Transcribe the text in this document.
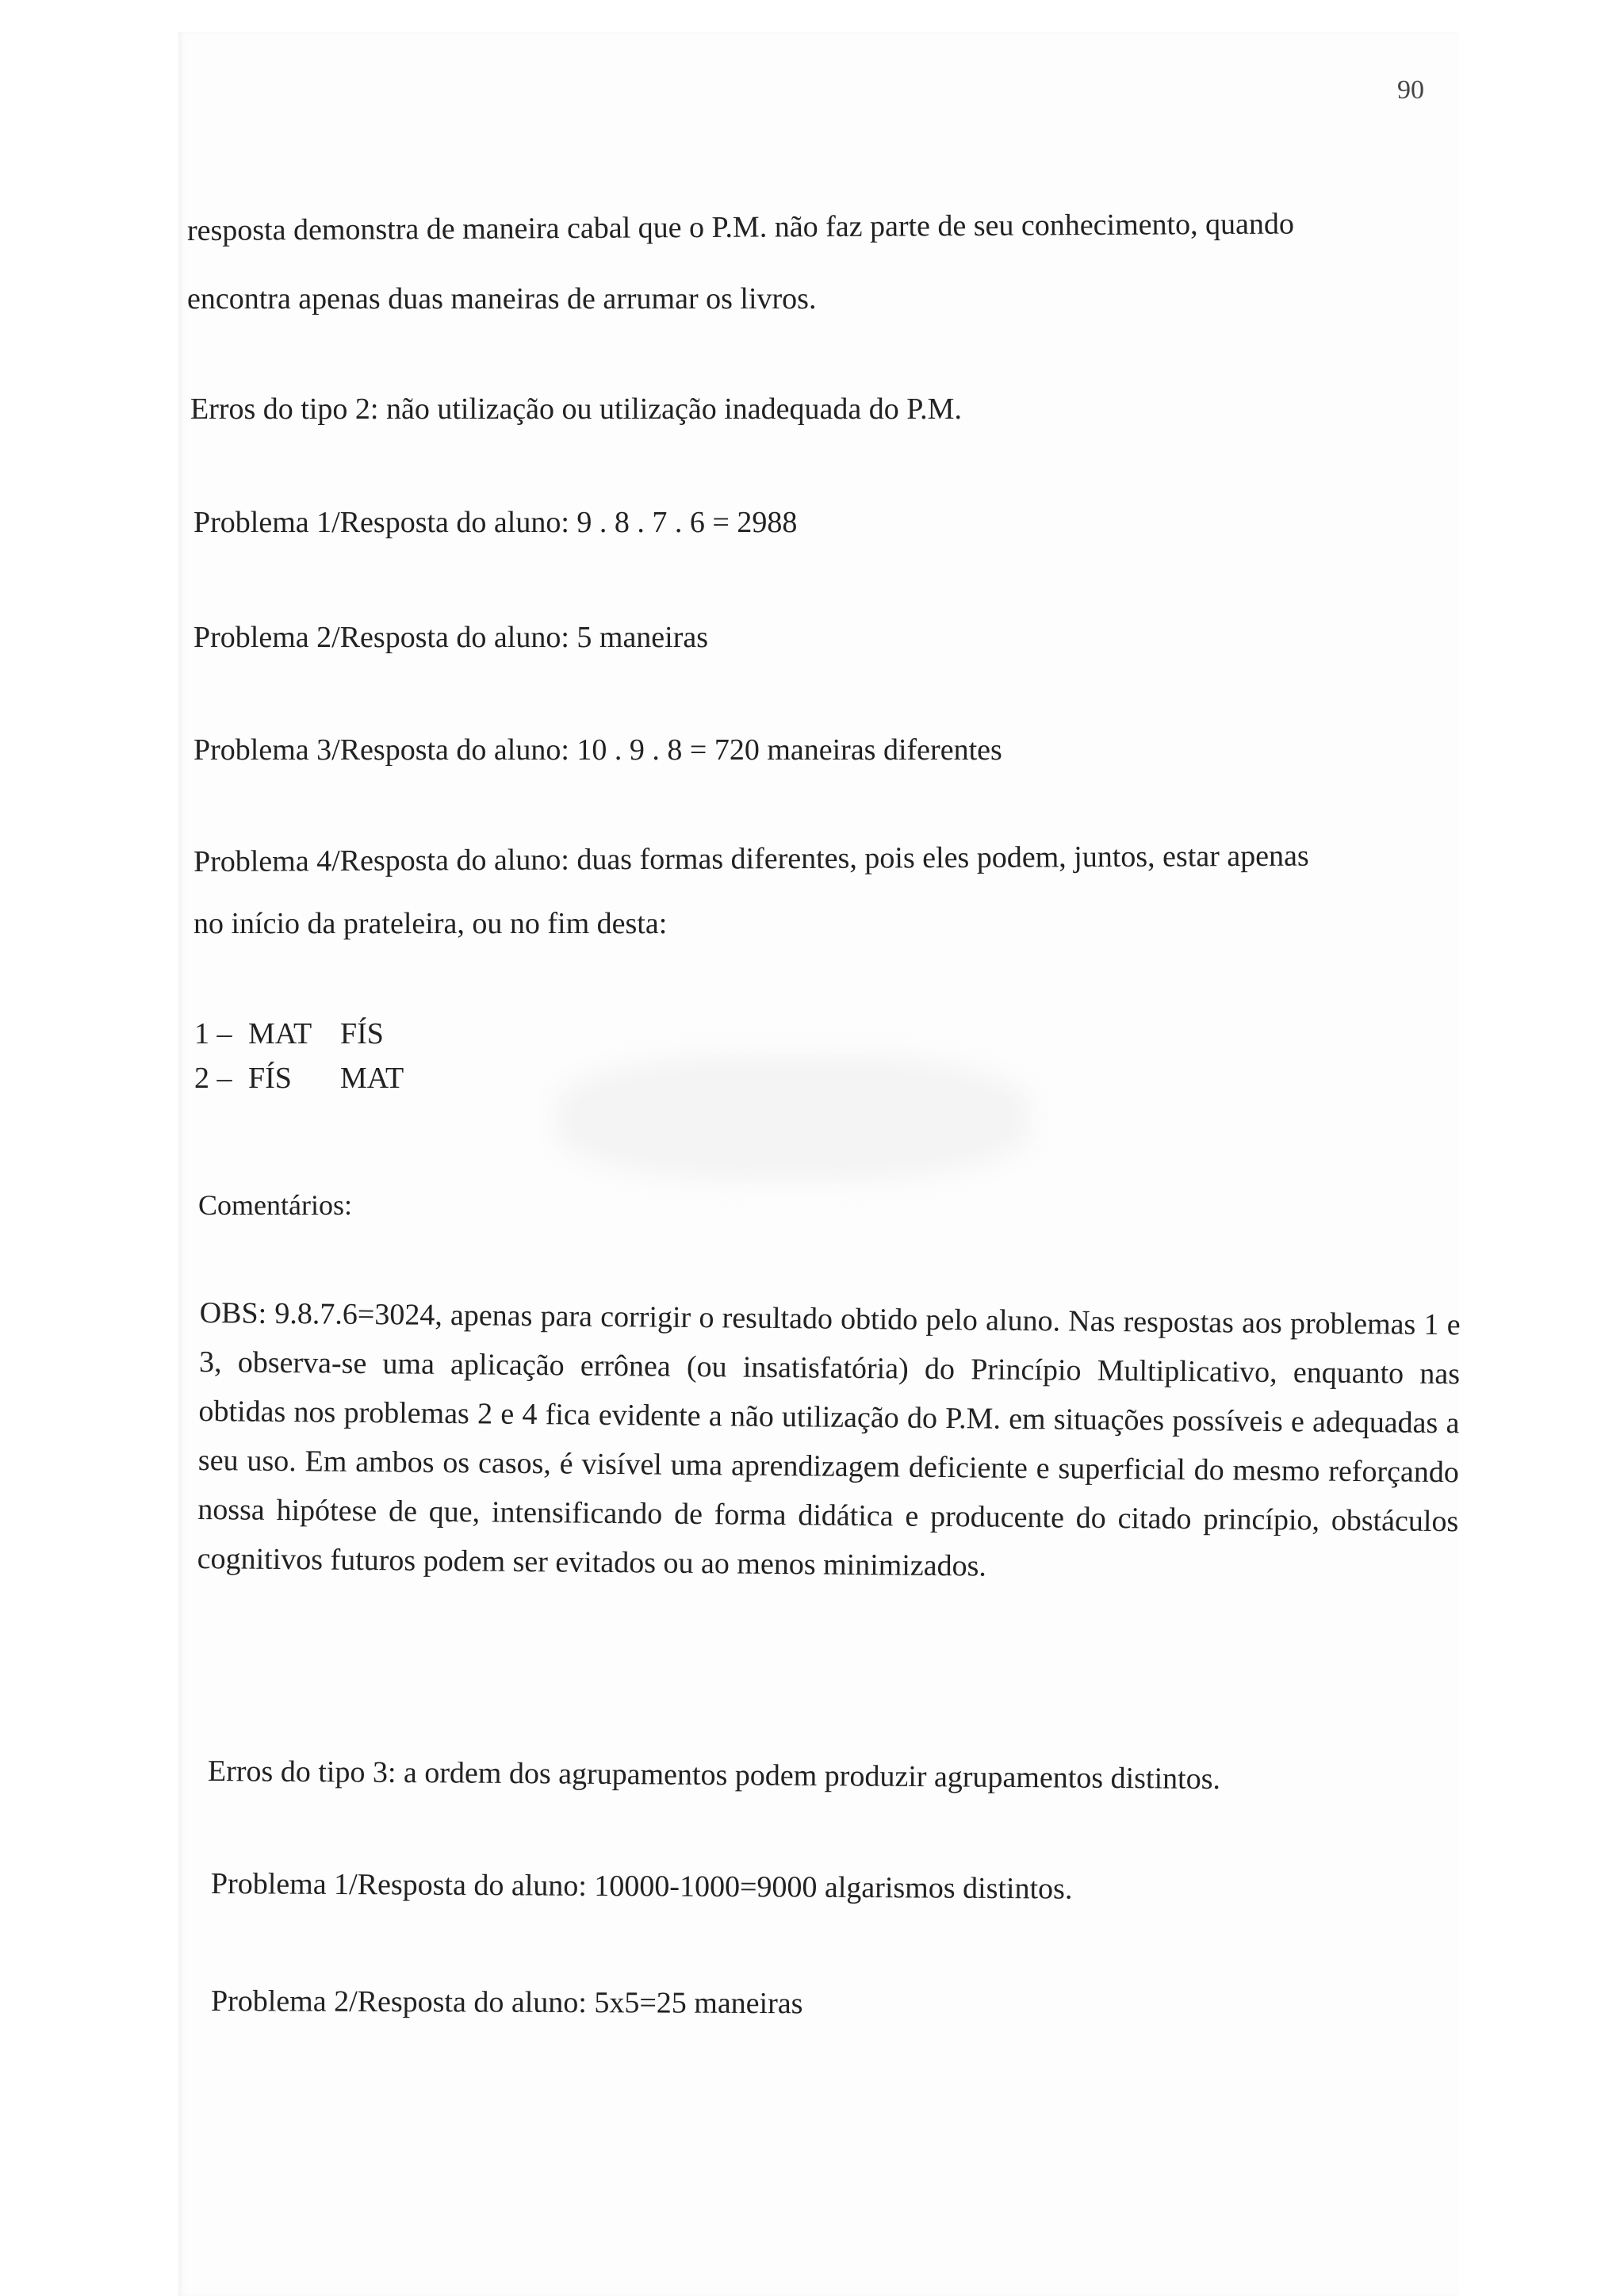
90
resposta demonstra de maneira cabal que o P.M. não faz parte de seu conhecimento, quando
encontra apenas duas maneiras de arrumar os livros.
Erros do tipo 2: não utilização ou utilização inadequada do P.M.
Problema 1/Resposta do aluno: 9 . 8 . 7 . 6 = 2988
Problema 2/Resposta do aluno: 5 maneiras
Problema 3/Resposta do aluno: 10 . 9 . 8 = 720 maneiras diferentes
Problema 4/Resposta do aluno: duas formas diferentes, pois eles podem, juntos, estar apenas
no início da prateleira, ou no fim desta:
1 – MAT FÍS
2 – FÍS	MAT
Comentários:
OBS: 9.8.7.6=3024, apenas para corrigir o resultado obtido pelo aluno. Nas respostas aos problemas 1 e 3, observa-se uma aplicação errônea (ou insatisfatória) do Princípio Multiplicativo, enquanto nas obtidas nos problemas 2 e 4 fica evidente a não utilização do P.M. em situações possíveis e adequadas a seu uso. Em ambos os casos, é visível uma aprendizagem deficiente e superficial do mesmo reforçando nossa hipótese de que, intensificando de forma didática e producente do citado princípio, obstáculos cognitivos futuros podem ser evitados ou ao menos minimizados.
Erros do tipo 3: a ordem dos agrupamentos podem produzir agrupamentos distintos.
Problema 1/Resposta do aluno: 10000-1000=9000 algarismos distintos.
Problema 2/Resposta do aluno: 5x5=25 maneiras
